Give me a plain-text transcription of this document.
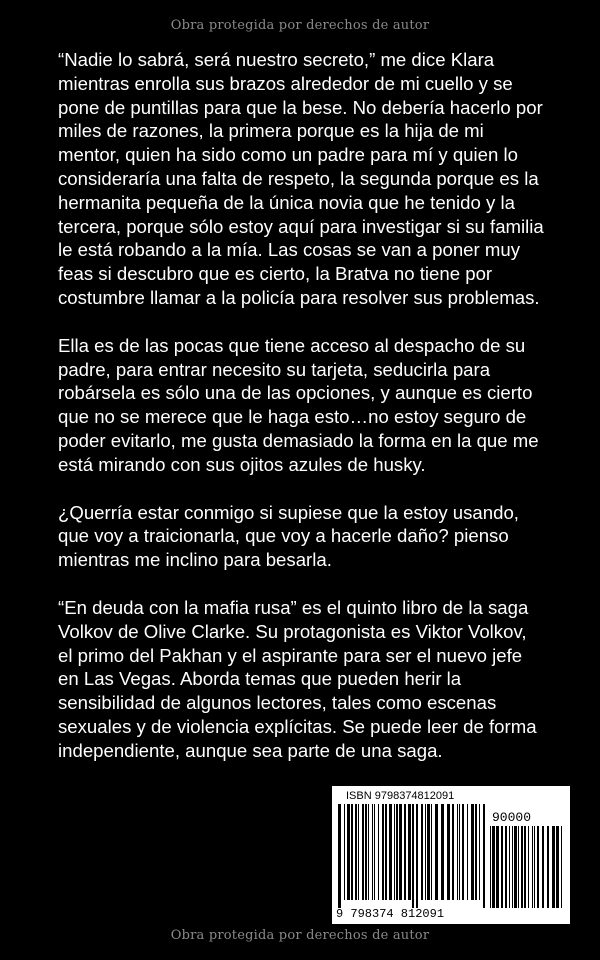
Obra protegida por derechos de autor

“Nadie lo sabrá, será nuestro secreto,” me dice Klara mientras enrolla sus brazos alrededor de mi cuello y se pone de puntillas para que la bese. No debería hacerlo por miles de razones, la primera porque es la hija de mi mentor, quien ha sido como un padre para mí y quien lo consideraría una falta de respeto, la segunda porque es la hermanita pequeña de la única novia que he tenido y la tercera, porque sólo estoy aquí para investigar si su familia le está robando a la mía. Las cosas se van a poner muy feas si descubro que es cierto, la Bratva no tiene por costumbre llamar a la policía para resolver sus problemas.

Ella es de las pocas que tiene acceso al despacho de su padre, para entrar necesito su tarjeta, seducirla para robársela es sólo una de las opciones, y aunque es cierto que no se merece que le haga esto…no estoy seguro de poder evitarlo, me gusta demasiado la forma en la que me está mirando con sus ojitos azules de husky.

¿Querría estar conmigo si supiese que la estoy usando, que voy a traicionarla, que voy a hacerle daño? pienso mientras me inclino para besarla.

“En deuda con la mafia rusa” es el quinto libro de la saga Volkov de Olive Clarke. Su protagonista es Viktor Volkov, el primo del Pakhan y el aspirante para ser el nuevo jefe en Las Vegas. Aborda temas que pueden herir la sensibilidad de algunos lectores, tales como escenas sexuales y de violencia explícitas. Se puede leer de forma independiente, aunque sea parte de una saga.

ISBN 9798374812091
90000
9 798374 812091
Obra protegida por derechos de autor
